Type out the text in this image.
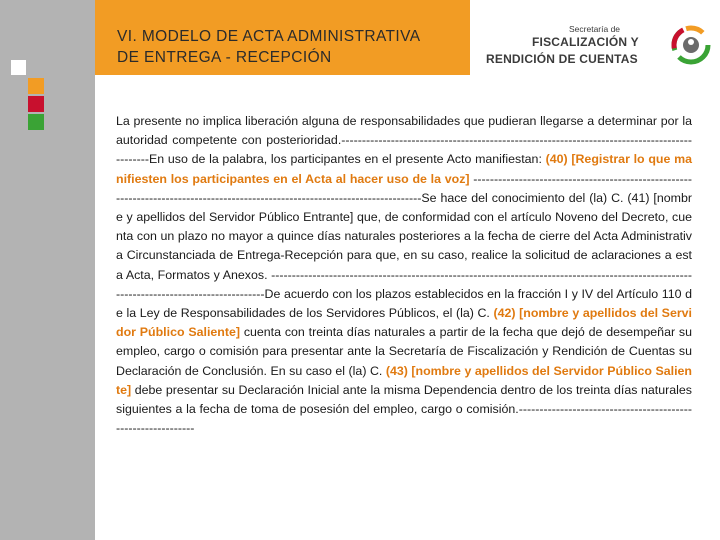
VI. MODELO DE ACTA ADMINISTRATIVA
DE ENTREGA - RECEPCIÓN
Secretaría de
FISCALIZACIÓN Y
RENDICIÓN DE CUENTAS
La presente no implica liberación alguna de responsabilidades que pudieran llegarse a determinar por la autoridad competente con posterioridad.---------------------------------------------------------------------------------------------En uso de la palabra, los participantes en el presente Acto manifiestan: (40) [Registrar lo que manifiesten los participantes en el Acta al hacer uso de la voz] -------------------------------------------------------------------------------------------------------------------------------Se hace del conocimiento del (la) C. (41) [nombre y apellidos del Servidor Público Entrante] que, de conformidad con el artículo Noveno del Decreto, cuenta con un plazo no mayor a quince días naturales posteriores a la fecha de cierre del Acta Administrativa Circunstanciada de Entrega-Recepción para que, en su caso, realice la solicitud de aclaraciones a esta Acta, Formatos y Anexos. ------------------------------------------------------------------------------------------------------------------------------------------De acuerdo con los plazos establecidos en la fracción I y IV del Artículo 110 de la Ley de Responsabilidades de los Servidores Públicos, el (la) C. (42) [nombre y apellidos del Servidor Público Saliente] cuenta con treinta días naturales a partir de la fecha que dejó de desempeñar su empleo, cargo o comisión para presentar ante la Secretaría de Fiscalización y Rendición de Cuentas su Declaración de Conclusión. En su caso el (la) C. (43) [nombre y apellidos del Servidor Público Saliente] debe presentar su Declaración Inicial ante la misma Dependencia dentro de los treinta días naturales siguientes a la fecha de toma de posesión del empleo, cargo o comisión.-------------------------------------------------------------
